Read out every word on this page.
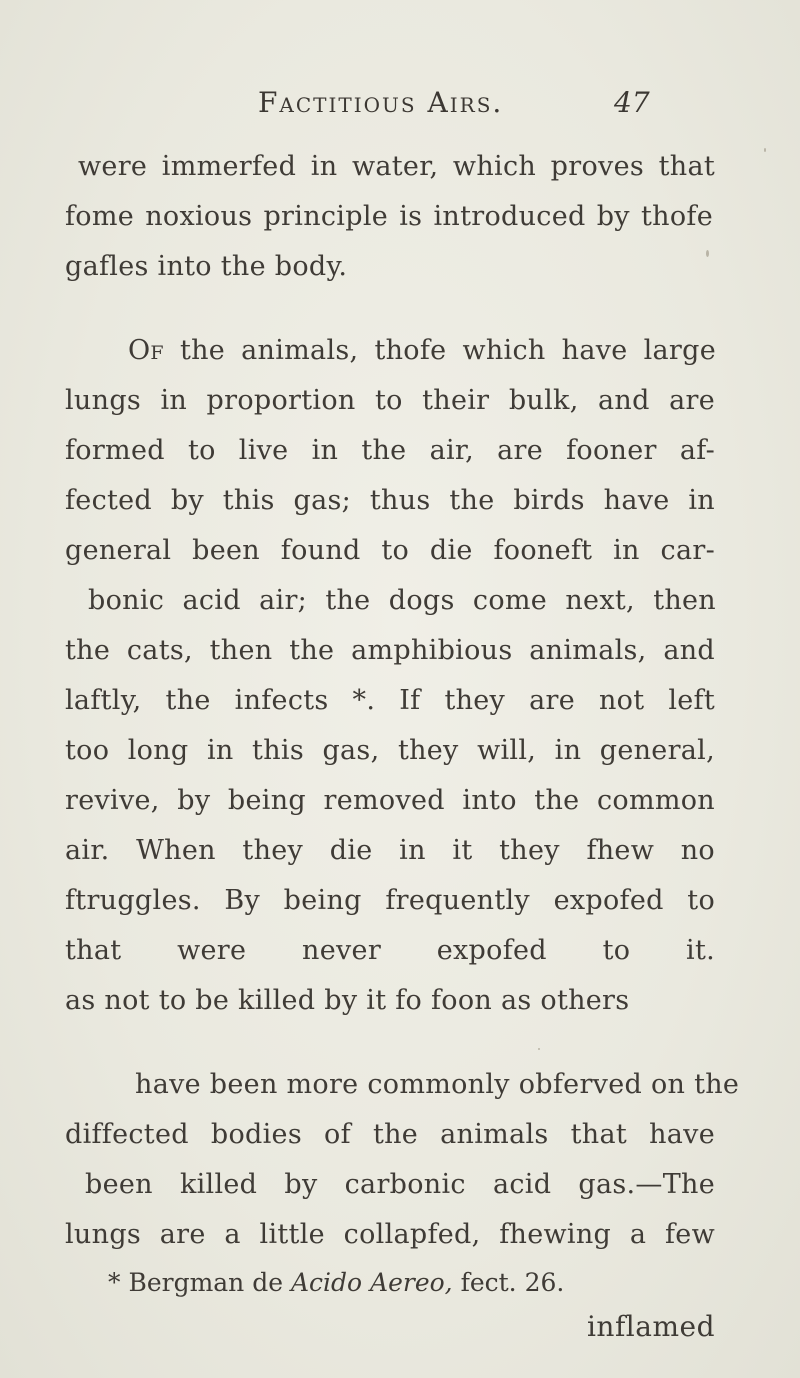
Factitious Airs.	47
were immerfed in water, which proves that
fome noxious principle is introduced by thofe
gafles into the body.
Of the animals, thofe which have large
lungs in proportion to their bulk, and are
formed to live in the air, are fooner af-
fected by this gas; thus the birds have in
general been found to die fooneft in car-
bonic acid air; the dogs come next, then
the cats, then the amphibious animals, and
laftly, the infects *. If they are not left
too long in this gas, they will, in general,
revive, by being removed into the common
air. When they die in it they fhew no
ftruggles. By being frequently expofed to
that were never expofed to it.
as not to be killed by it fo foon as others
have been more commonly obferved on the
diffected bodies of the animals that have
been killed by carbonic acid gas.—The
lungs are a little collapfed, fhewing a few
* Bergman de Acido Aereo, fect. 26.
inflamed
